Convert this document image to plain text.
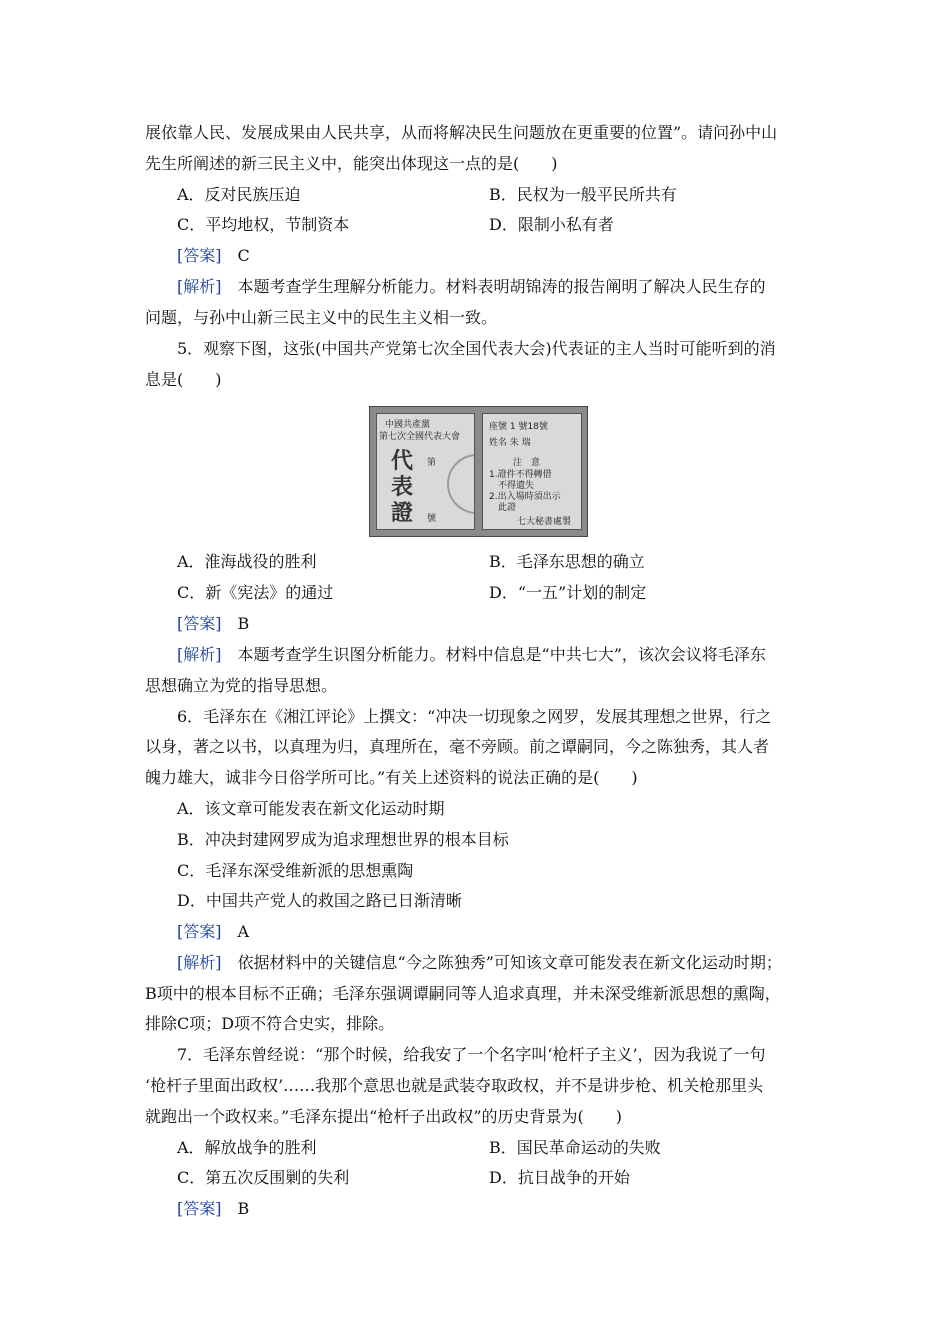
展依靠人民、发展成果由人民共享，从而将解决民生问题放在更重要的位置”。请问孙中山
先生所阐述的新三民主义中，能突出体现这一点的是(　　)
A．反对民族压迫	B．民权为一般平民所共有
C．平均地权，节制资本	D．限制小私有者
[答案]　 C
[解析]　 本题考查学生理解分析能力。材料表明胡锦涛的报告阐明了解决人民生存的
问题，与孙中山新三民主义中的民生主义相一致。
5．观察下图，这张(中国共产党第七次全国代表大会)代表证的主人当时可能听到的消
息是(　　)
中國共產黨
第七次全國代表大會
代
表
證
第
號
座號 1 號18號
姓名 朱 瑞
注　意
1.證件不得轉借
　不得遺失
2.出入場時須出示
　此證
七大秘書處製
A．淮海战役的胜利	B．毛泽东思想的确立
C．新《宪法》的通过	D．“一五”计划的制定
[答案]　 B
[解析]　 本题考查学生识图分析能力。材料中信息是“中共七大”，该次会议将毛泽东
思想确立为党的指导思想。
6．毛泽东在《湘江评论》上撰文：“冲决一切现象之网罗，发展其理想之世界，行之
以身，著之以书，以真理为归，真理所在，毫不旁顾。前之谭嗣同，今之陈独秀，其人者
魄力雄大，诚非今日俗学所可比。”有关上述资料的说法正确的是(　　)
A．该文章可能发表在新文化运动时期
B．冲决封建网罗成为追求理想世界的根本目标
C．毛泽东深受维新派的思想熏陶
D．中国共产党人的救国之路已日渐清晰
[答案]　 A
[解析]　 依据材料中的关键信息“今之陈独秀”可知该文章可能发表在新文化运动时期；
B项中的根本目标不正确；毛泽东强调谭嗣同等人追求真理，并未深受维新派思想的熏陶，
排除C项；D项不符合史实，排除。
7．毛泽东曾经说：“那个时候，给我安了一个名字叫‘枪杆子主义’，因为我说了一句
‘枪杆子里面出政权’……我那个意思也就是武装夺取政权，并不是讲步枪、机关枪那里头
就跑出一个政权来。”毛泽东提出“枪杆子出政权”的历史背景为(　　)
A．解放战争的胜利	B．国民革命运动的失败
C．第五次反围剿的失利	D．抗日战争的开始
[答案]　 B
